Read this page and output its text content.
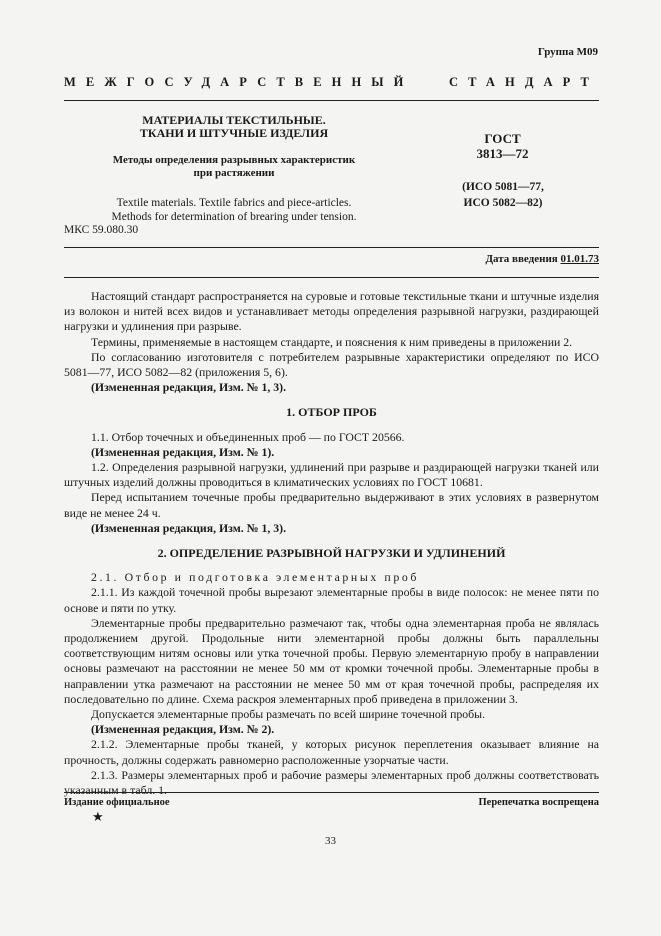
Группа М09
МЕЖГОСУДАРСТВЕННЫЙ	СТАНДАРТ
МАТЕРИАЛЫ ТЕКСТИЛЬНЫЕ.
ТКАНИ И ШТУЧНЫЕ ИЗДЕЛИЯ
Методы определения разрывных характеристик
при растяжении
Textile materials. Textile fabrics and piece-articles.
Methods for determination of brearing under tension.
ГОСТ
3813—72
(ИСО 5081—77,
ИСО 5082—82)
МКС 59.080.30
Дата введения 01.01.73

Настоящий стандарт распространяется на суровые и готовые текстильные ткани и штучные изделия из волокон и нитей всех видов и устанавливает методы определения разрывной нагрузки, раздирающей нагрузки и удлинения при разрыве.

Термины, применяемые в настоящем стандарте, и пояснения к ним приведены в приложении 2.

По согласованию изготовителя с потребителем разрывные характеристики определяют по ИСО 5081—77, ИСО 5082—82 (приложения 5, 6).

(Измененная редакция, Изм. № 1, 3).

1. ОТБОР ПРОБ

1.1. Отбор точечных и объединенных проб — по ГОСТ 20566.

(Измененная редакция, Изм. № 1).

1.2. Определения разрывной нагрузки, удлинений при разрыве и раздирающей нагрузки тканей или штучных изделий должны проводиться в климатических условиях по ГОСТ 10681.

Перед испытанием точечные пробы предварительно выдерживают в этих условиях в развернутом виде не менее 24 ч.

(Измененная редакция, Изм. № 1, 3).

2. ОПРЕДЕЛЕНИЕ РАЗРЫВНОЙ НАГРУЗКИ И УДЛИНЕНИЙ

2.1. Отбор и подготовка элементарных проб

2.1.1. Из каждой точечной пробы вырезают элементарные пробы в виде полосок: не менее пяти по основе и пяти по утку.

Элементарные пробы предварительно размечают так, чтобы одна элементарная проба не являлась продолжением другой. Продольные нити элементарной пробы должны быть параллельны соответствующим нитям основы или утка точечной пробы. Первую элементарную пробу в направлении основы размечают на расстоянии не менее 50 мм от кромки точечной пробы. Элементарные пробы в направлении утка размечают на расстоянии не менее 50 мм от края точечной пробы, распределяя их последовательно по длине. Схема раскроя элементарных проб приведена в приложении 3.

Допускается элементарные пробы размечать по всей ширине точечной пробы.

(Измененная редакция, Изм. № 2).

2.1.2. Элементарные пробы тканей, у которых рисунок переплетения оказывает влияние на прочность, должны содержать равномерно расположенные узорчатые части.

2.1.3. Размеры элементарных проб и рабочие размеры элементарных проб должны соответствовать указанным в табл. 1.

Издание официальное
★
Перепечатка воспрещена
33
